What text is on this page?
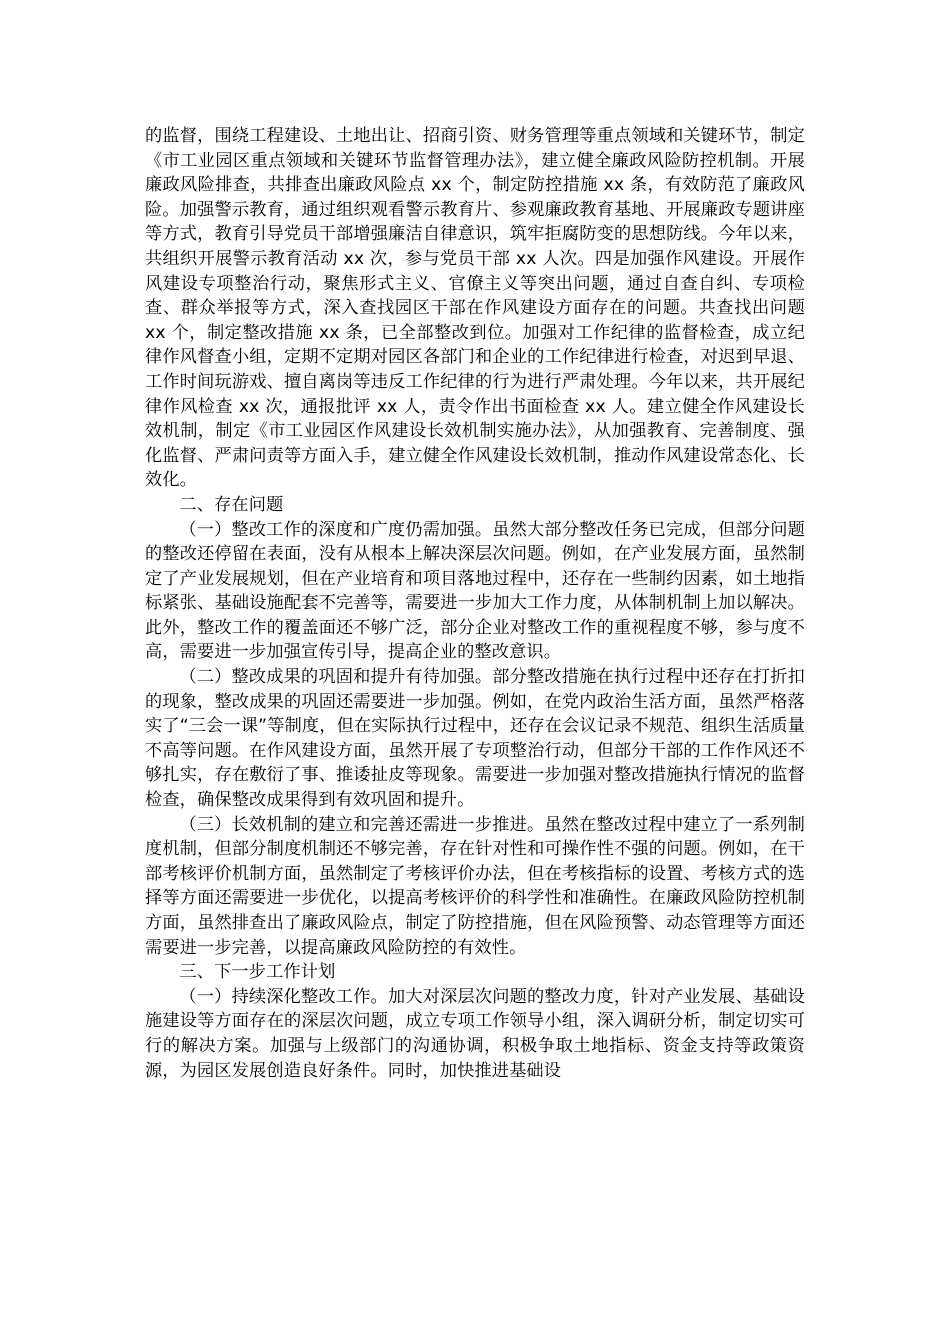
的监督，围绕工程建设、土地出让、招商引资、财务管理等重点领域和关键环节，制定《市工业园区重点领域和关键环节监督管理办法》，建立健全廉政风险防控机制。开展廉政风险排查，共排查出廉政风险点 xx 个，制定防控措施 xx 条，有效防范了廉政风险。加强警示教育，通过组织观看警示教育片、参观廉政教育基地、开展廉政专题讲座等方式，教育引导党员干部增强廉洁自律意识，筑牢拒腐防变的思想防线。今年以来，共组织开展警示教育活动 xx 次，参与党员干部 xx 人次。四是加强作风建设。开展作风建设专项整治行动，聚焦形式主义、官僚主义等突出问题，通过自查自纠、专项检查、群众举报等方式，深入查找园区干部在作风建设方面存在的问题。共查找出问题 xx 个，制定整改措施 xx 条，已全部整改到位。加强对工作纪律的监督检查，成立纪律作风督查小组，定期不定期对园区各部门和企业的工作纪律进行检查，对迟到早退、工作时间玩游戏、擅自离岗等违反工作纪律的行为进行严肃处理。今年以来，共开展纪律作风检查 xx 次，通报批评 xx 人，责令作出书面检查 xx 人。建立健全作风建设长效机制，制定《市工业园区作风建设长效机制实施办法》，从加强教育、完善制度、强化监督、严肃问责等方面入手，建立健全作风建设长效机制，推动作风建设常态化、长效化。

二、存在问题

（一）整改工作的深度和广度仍需加强。虽然大部分整改任务已完成，但部分问题的整改还停留在表面，没有从根本上解决深层次问题。例如，在产业发展方面，虽然制定了产业发展规划，但在产业培育和项目落地过程中，还存在一些制约因素，如土地指标紧张、基础设施配套不完善等，需要进一步加大工作力度，从体制机制上加以解决。此外，整改工作的覆盖面还不够广泛，部分企业对整改工作的重视程度不够，参与度不高，需要进一步加强宣传引导，提高企业的整改意识。

（二）整改成果的巩固和提升有待加强。部分整改措施在执行过程中还存在打折扣的现象，整改成果的巩固还需要进一步加强。例如，在党内政治生活方面，虽然严格落实了“三会一课”等制度，但在实际执行过程中，还存在会议记录不规范、组织生活质量不高等问题。在作风建设方面，虽然开展了专项整治行动，但部分干部的工作作风还不够扎实，存在敷衍了事、推诿扯皮等现象。需要进一步加强对整改措施执行情况的监督检查，确保整改成果得到有效巩固和提升。

（三）长效机制的建立和完善还需进一步推进。虽然在整改过程中建立了一系列制度机制，但部分制度机制还不够完善，存在针对性和可操作性不强的问题。例如，在干部考核评价机制方面，虽然制定了考核评价办法，但在考核指标的设置、考核方式的选择等方面还需要进一步优化，以提高考核评价的科学性和准确性。在廉政风险防控机制方面，虽然排查出了廉政风险点，制定了防控措施，但在风险预警、动态管理等方面还需要进一步完善，以提高廉政风险防控的有效性。

三、下一步工作计划

（一）持续深化整改工作。加大对深层次问题的整改力度，针对产业发展、基础设施建设等方面存在的深层次问题，成立专项工作领导小组，深入调研分析，制定切实可行的解决方案。加强与上级部门的沟通协调，积极争取土地指标、资金支持等政策资源，为园区发展创造良好条件。同时，加快推进基础设
